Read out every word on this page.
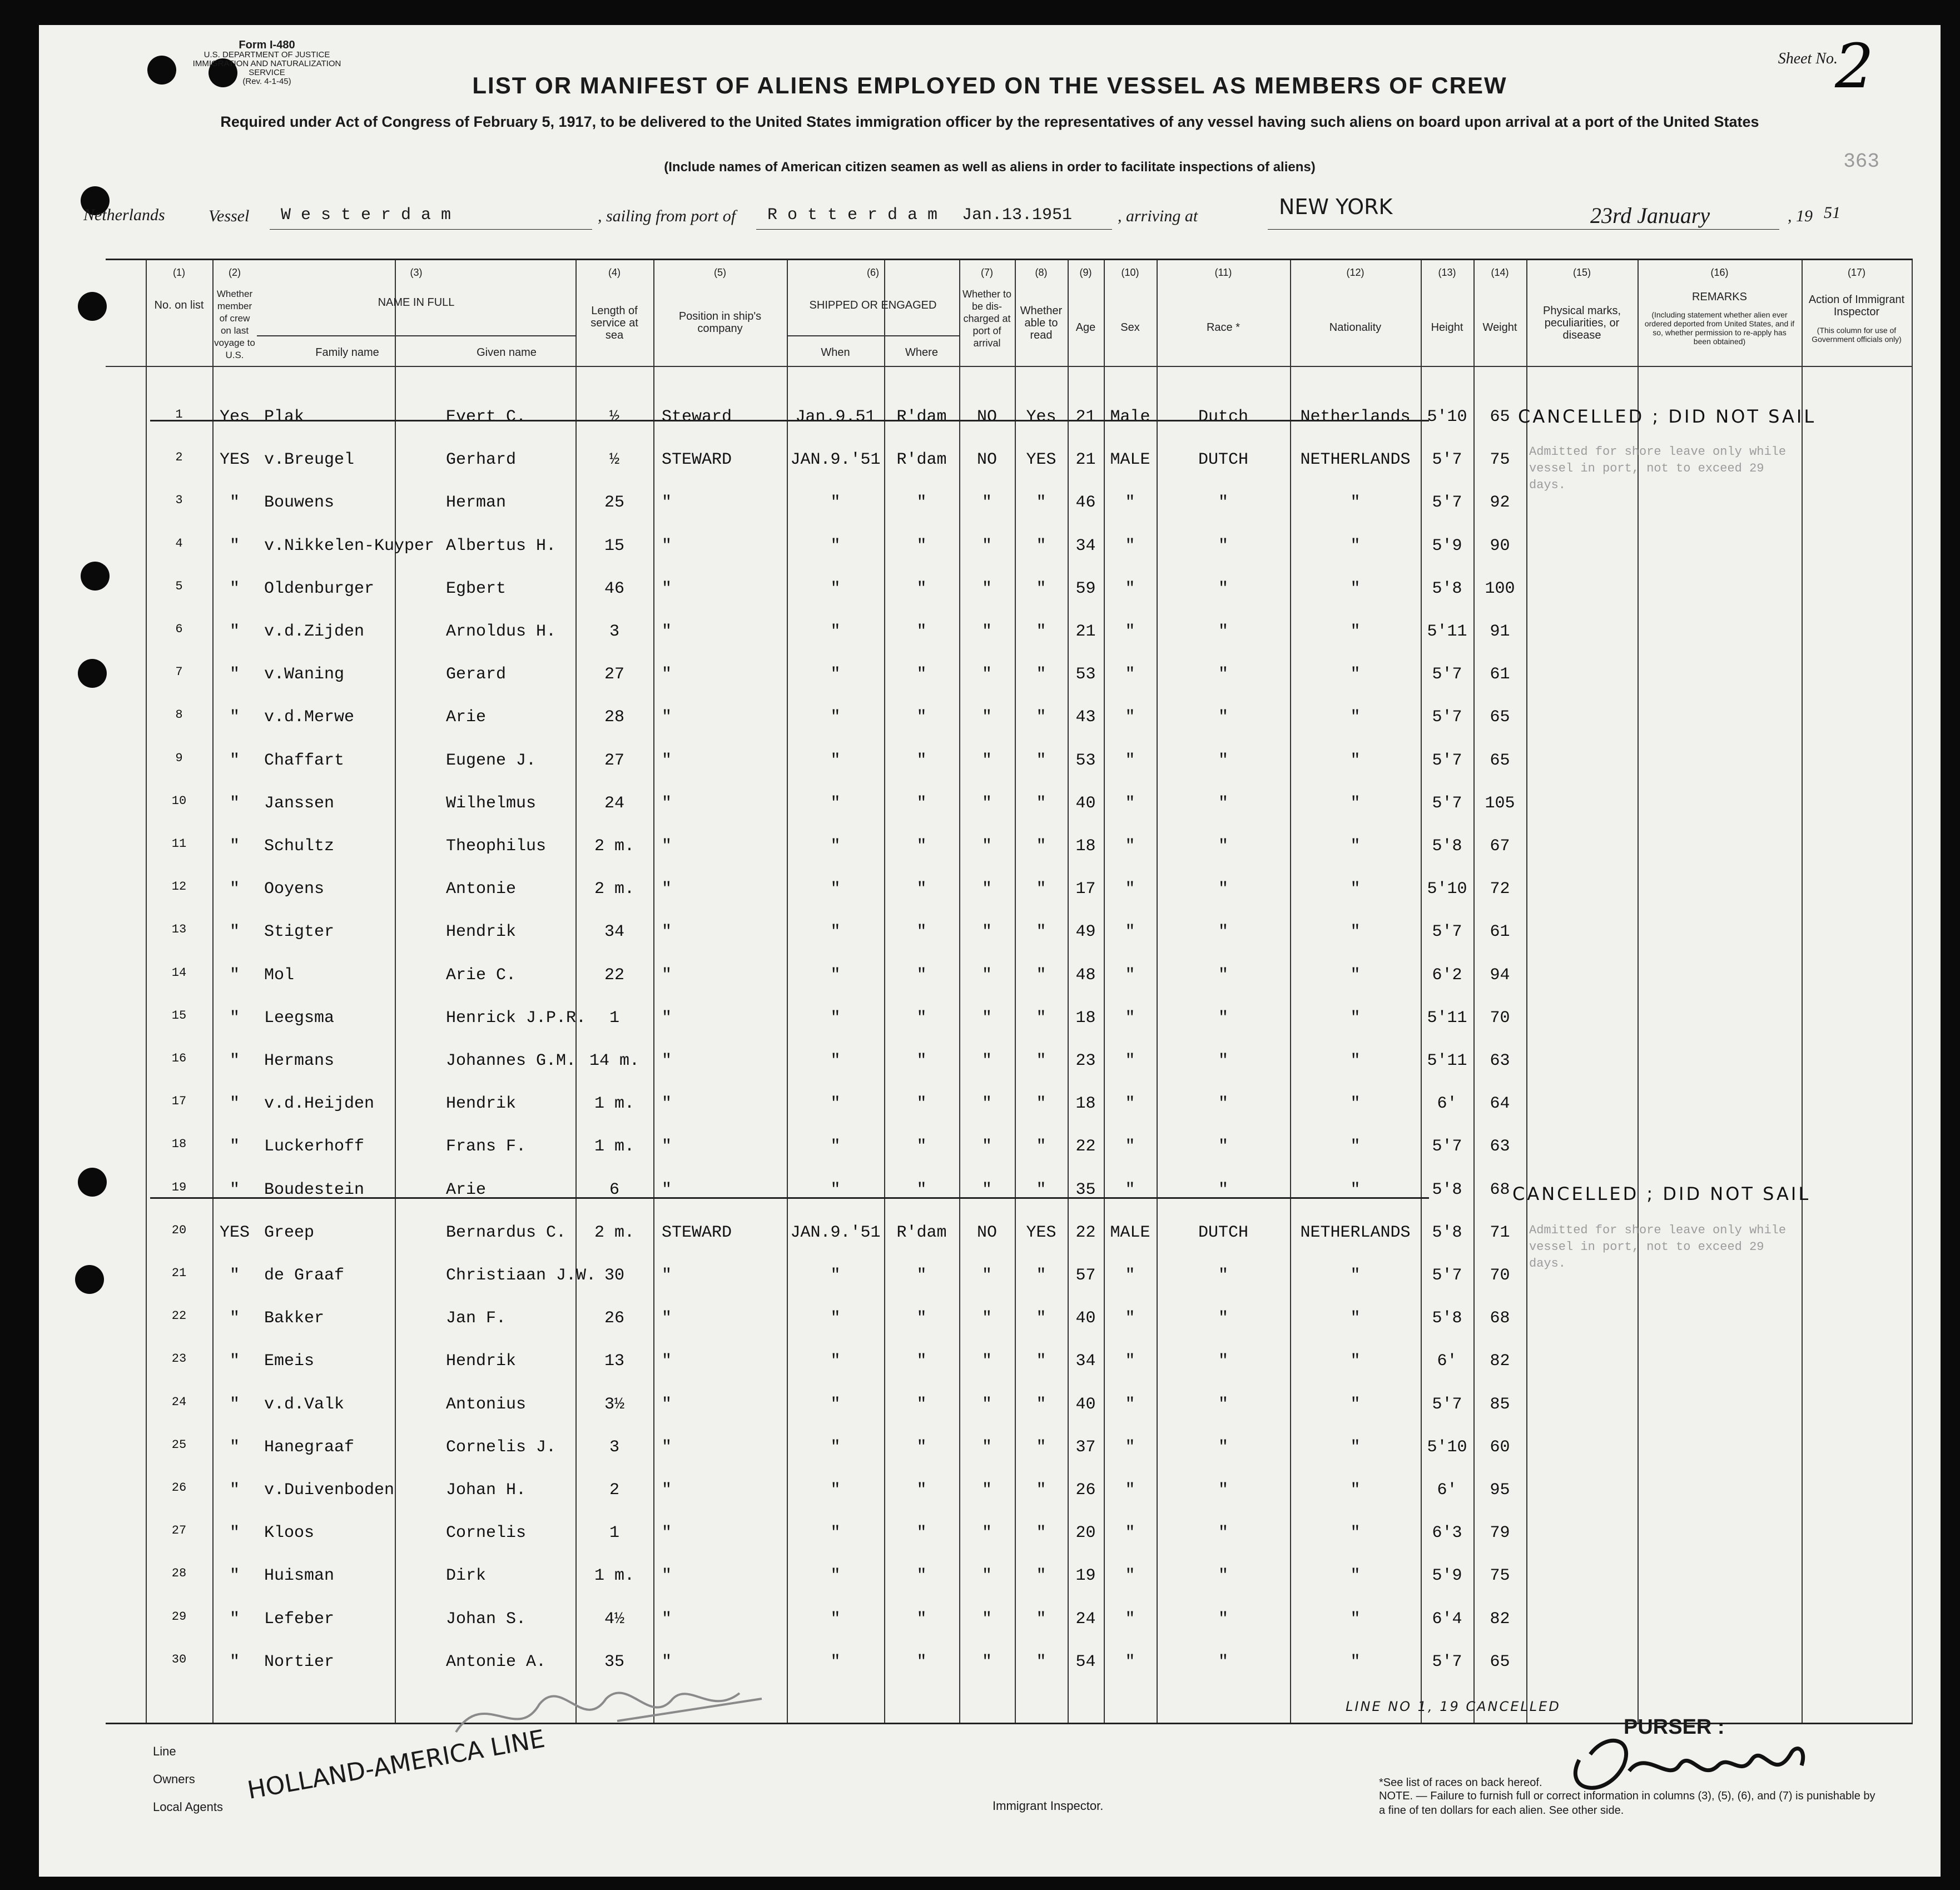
Form I-480
U.S. DEPARTMENT OF JUSTICE
IMMIGRATION AND NATURALIZATION SERVICE
(Rev. 4-1-45)
Sheet No.
2
LIST OR MANIFEST OF ALIENS EMPLOYED ON THE VESSEL AS MEMBERS OF CREW
Required under Act of Congress of February 5, 1917, to be delivered to the United States immigration officer by the representatives of any vessel having such aliens on board upon arrival at a port of the United States
(Include names of American citizen seamen as well as aliens in order to facilitate inspections of aliens)	363
Netherlands	Vessel W e s t e r d a m	, sailing from port of R o t t e r d a m Jan.13.1951	, arriving at	NEW YORK	23rd January	, 19 51
(1)	(2)	(3)	(4)	(5)	(6)	(7)	(8)	(9)	(10)	(11)	(12)	(13)	(14)	(15)	(16)	(17)
No. on list
Whether member of crew on last voyage to U.S.
NAME IN FULL
Family name	Given name
Length of service at sea
Position in ship's company
SHIPPED OR ENGAGED
When	Where
Whether to be dis-charged at port of arrival
Whether able to read
Age	Sex	Race *	Nationality	Height	Weight
Physical marks, peculiarities, or disease
REMARKS
(Including statement whether alien ever ordered deported from United States, and if so, whether permission to re-apply has been obtained)
Action of Immigrant Inspector
(This column for use of Government officials only)
1	Yes Plak	Evert C.	½	Steward	Jan.9.51	R'dam	NO	Yes	21 Male	Dutch	Netherlands 5'10	65
2	YES v.Breugel	Gerhard	½	STEWARD	JAN.9.'51 R'dam	NO	YES	21 MALE	DUTCH	NETHERLANDS	5'7	75
3	"	Bouwens	Herman	25	"	"	"	"	"	46	"	"	"	5'7	92
4	"	v.Nikkelen-Kuyper Albertus H.	15	"	"	"	"	"	34	"	"	"	5'9	90
5	"	Oldenburger	Egbert	46	"	"	"	"	"	59	"	"	"	5'8	100
6	"	v.d.Zijden	Arnoldus H.	3	"	"	"	"	"	21	"	"	"	5'11	91
7	"	v.Waning	Gerard	27	"	"	"	"	"	53	"	"	"	5'7	61
8	"	v.d.Merwe	Arie	28	"	"	"	"	"	43	"	"	"	5'7	65
9	"	Chaffart	Eugene J.	27	"	"	"	"	"	53	"	"	"	5'7	65
10	"	Janssen	Wilhelmus	24	"	"	"	"	"	40	"	"	"	5'7	105
11	"	Schultz	Theophilus	2 m.	"	"	"	"	"	18	"	"	"	5'8	67
12	"	Ooyens	Antonie	2 m.	"	"	"	"	"	17	"	"	"	5'10	72
13	"	Stigter	Hendrik	34	"	"	"	"	"	49	"	"	"	5'7	61
14	"	Mol	Arie C.	22	"	"	"	"	"	48	"	"	"	6'2	94
15	"	Leegsma	Henrick J.P.R.	1	"	"	"	"	"	18	"	"	"	5'11	70
16	"	Hermans	Johannes G.M. 14 m.	"	"	"	"	"	23	"	"	"	5'11	63
17	"	v.d.Heijden	Hendrik	1 m.	"	"	"	"	"	18	"	"	"	6'	64
18	"	Luckerhoff	Frans F.	1 m.	"	"	"	"	"	22	"	"	"	5'7	63
19	"	Boudestein	Arie	6	"	"	"	"	"	35	"	"	"	5'8	68
20	YES Greep	Bernardus C.	2 m.	STEWARD	JAN.9.'51 R'dam	NO	YES	22 MALE	DUTCH	NETHERLANDS	5'8	71
21	"	de Graaf	Christiaan J.W. 30	"	"	"	"	"	57	"	"	"	5'7	70
22	"	Bakker	Jan F.	26	"	"	"	"	"	40	"	"	"	5'8	68
23	"	Emeis	Hendrik	13	"	"	"	"	"	34	"	"	"	6'	82
24	"	v.d.Valk	Antonius	3½	"	"	"	"	"	40	"	"	"	5'7	85
25	"	Hanegraaf	Cornelis J.	3	"	"	"	"	"	37	"	"	"	5'10	60
26	"	v.Duivenboden	Johan H.	2	"	"	"	"	"	26	"	"	"	6'	95
27	"	Kloos	Cornelis	1	"	"	"	"	"	20	"	"	"	6'3	79
28	"	Huisman	Dirk	1 m.	"	"	"	"	"	19	"	"	"	5'9	75
29	"	Lefeber	Johan S.	4½	"	"	"	"	"	24	"	"	"	6'4	82
30	"	Nortier	Antonie A.	35	"	"	"	"	"	54	"	"	"	5'7	65
CANCELLED ; DID NOT SAIL
Admitted for shore leave only while vessel in port, not to exceed 29 days.
CANCELLED ; DID NOT SAIL
Admitted for shore leave only while vessel in port, not to exceed 29 days.
Line
Owners
Local Agents
HOLLAND-AMERICA LINE
Immigrant Inspector.
LINE NO 1, 19 CANCELLED
PURSER :
*See list of races on back hereof.
NOTE. — Failure to furnish full or correct information in columns (3), (5), (6), and (7) is punishable by a fine of ten dollars for each alien. See other side.
